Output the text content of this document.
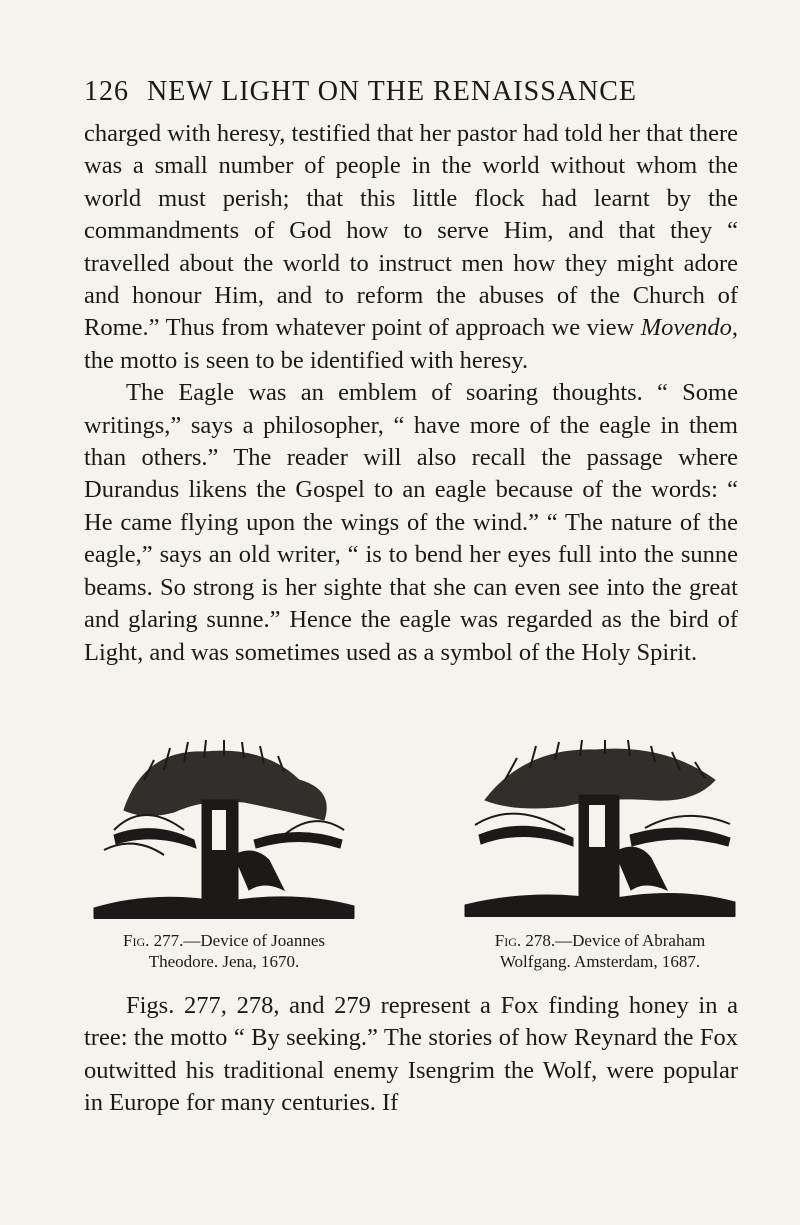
126 NEW LIGHT ON THE RENAISSANCE

charged with heresy, testified that her pastor had told her that there was a small number of people in the world without whom the world must perish; that this little flock had learnt by the commandments of God how to serve Him, and that they “ travelled about the world to instruct men how they might adore and honour Him, and to reform the abuses of the Church of Rome.” Thus from whatever point of approach we view Movendo, the motto is seen to be identified with heresy.

The Eagle was an emblem of soaring thoughts. “ Some writings,” says a philosopher, “ have more of the eagle in them than others.” The reader will also recall the passage where Durandus likens the Gospel to an eagle because of the words: “ He came flying upon the wings of the wind.” “ The nature of the eagle,” says an old writer, “ is to bend her eyes full into the sunne beams. So strong is her sighte that she can even see into the great and glaring sunne.” Hence the eagle was regarded as the bird of Light, and was sometimes used as a symbol of the Holy Spirit.

Fig. 277.—Device of Joannes
Theodore. Jena, 1670.
Fig. 278.—Device of Abraham
Wolfgang. Amsterdam, 1687.

Figs. 277, 278, and 279 represent a Fox finding honey in a tree: the motto “ By seeking.” The stories of how Reynard the Fox outwitted his traditional enemy Isengrim the Wolf, were popular in Europe for many centuries. If
